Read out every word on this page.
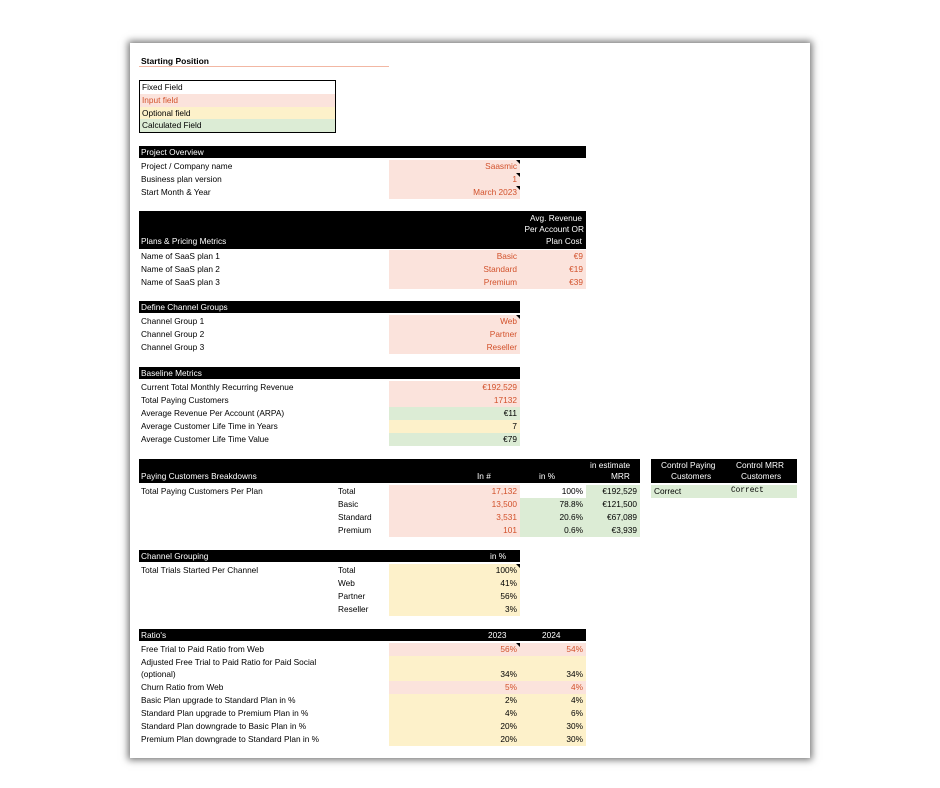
Starting Position
Fixed Field
Input field
Optional field
Calculated Field
Project Overview
Project / Company name	Saasmic
Business plan version	1
Start Month & Year	March 2023
Plans & Pricing Metrics
Avg. Revenue
Per Account OR
Plan Cost
Name of SaaS plan 1	Basic	€9
Name of SaaS plan 2	Standard	€19
Name of SaaS plan 3	Premium	€39
Define Channel Groups
Channel Group 1	Web
Channel Group 2	Partner
Channel Group 3	Reseller
Baseline Metrics
Current Total Monthly Recurring Revenue	€192,529
Total Paying Customers	17132
Average Revenue Per Account (ARPA)	€11
Average Customer Life Time in Years	7
Average Customer Life Time Value	€79
Paying Customers Breakdowns	In #	in %
in estimate
MRR
Total Paying Customers Per Plan	Total	17,132	100%	€192,529
Basic	13,500	78.8%	€121,500
Standard	3,531	20.6%	€67,089
Premium	101	0.6%	€3,939
Control Paying
Customers
Control MRR
Customers
Correct	Correct
Channel Grouping	in %
Total Trials Started Per Channel	Total	100%
Web	41%
Partner	56%
Reseller	3%
Ratio's	2023	2024
Free Trial to Paid Ratio from Web	56%	54%
Adjusted Free Trial to Paid Ratio for Paid Social
(optional)	34%	34%
Churn Ratio from Web	5%	4%
Basic Plan upgrade to Standard Plan in %	2%	4%
Standard Plan upgrade to Premium Plan in %	4%	6%
Standard Plan downgrade to Basic Plan in %	20%	30%
Premium Plan downgrade to Standard Plan in %	20%	30%
